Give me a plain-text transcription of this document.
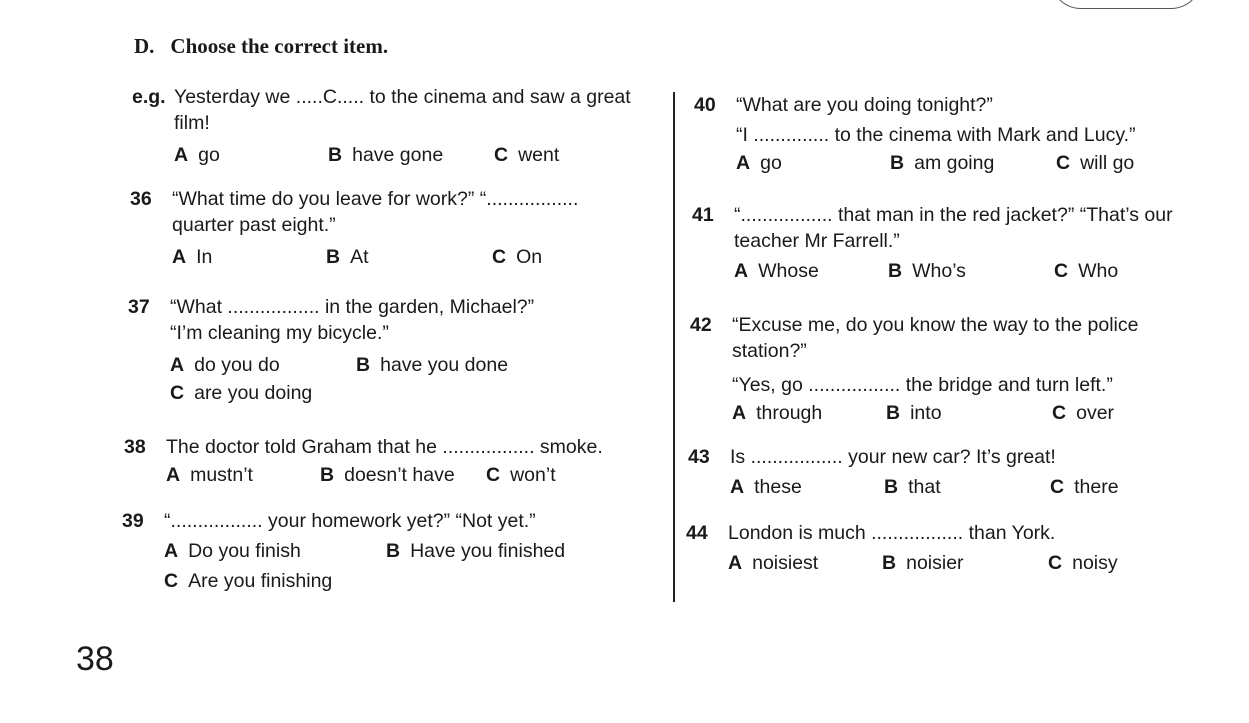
D. Choose the correct item.
e.g. Yesterday we .....C..... to the cinema and saw a great

film!

A go	B have gone	C went
36 “What time do you leave for work?” “.................

quarter past eight.”

A In	B At	C On
37 “What ................. in the garden, Michael?”

“I’m cleaning my bicycle.”

A do you do	B have you done
C are you doing
38 The doctor told Graham that he ................. smoke.

A mustn’t	B doesn’t have C won’t
39 “................. your homework yet?” “Not yet.”

A Do you finish	B Have you finished
C Are you finishing
40 “What are you doing tonight?”

“I .............. to the cinema with Mark and Lucy.”

A go	B am going	C will go
41 “................. that man in the red jacket?” “That’s our

teacher Mr Farrell.”

A Whose	B Who’s	C Who
42 “Excuse me, do you know the way to the police

station?”

“Yes, go ................. the bridge and turn left.”

A through	B into	C over
43 Is ................. your new car? It’s great!

A these	B that	C there
44 London is much ................. than York.

A noisiest	B noisier	C noisy
38
